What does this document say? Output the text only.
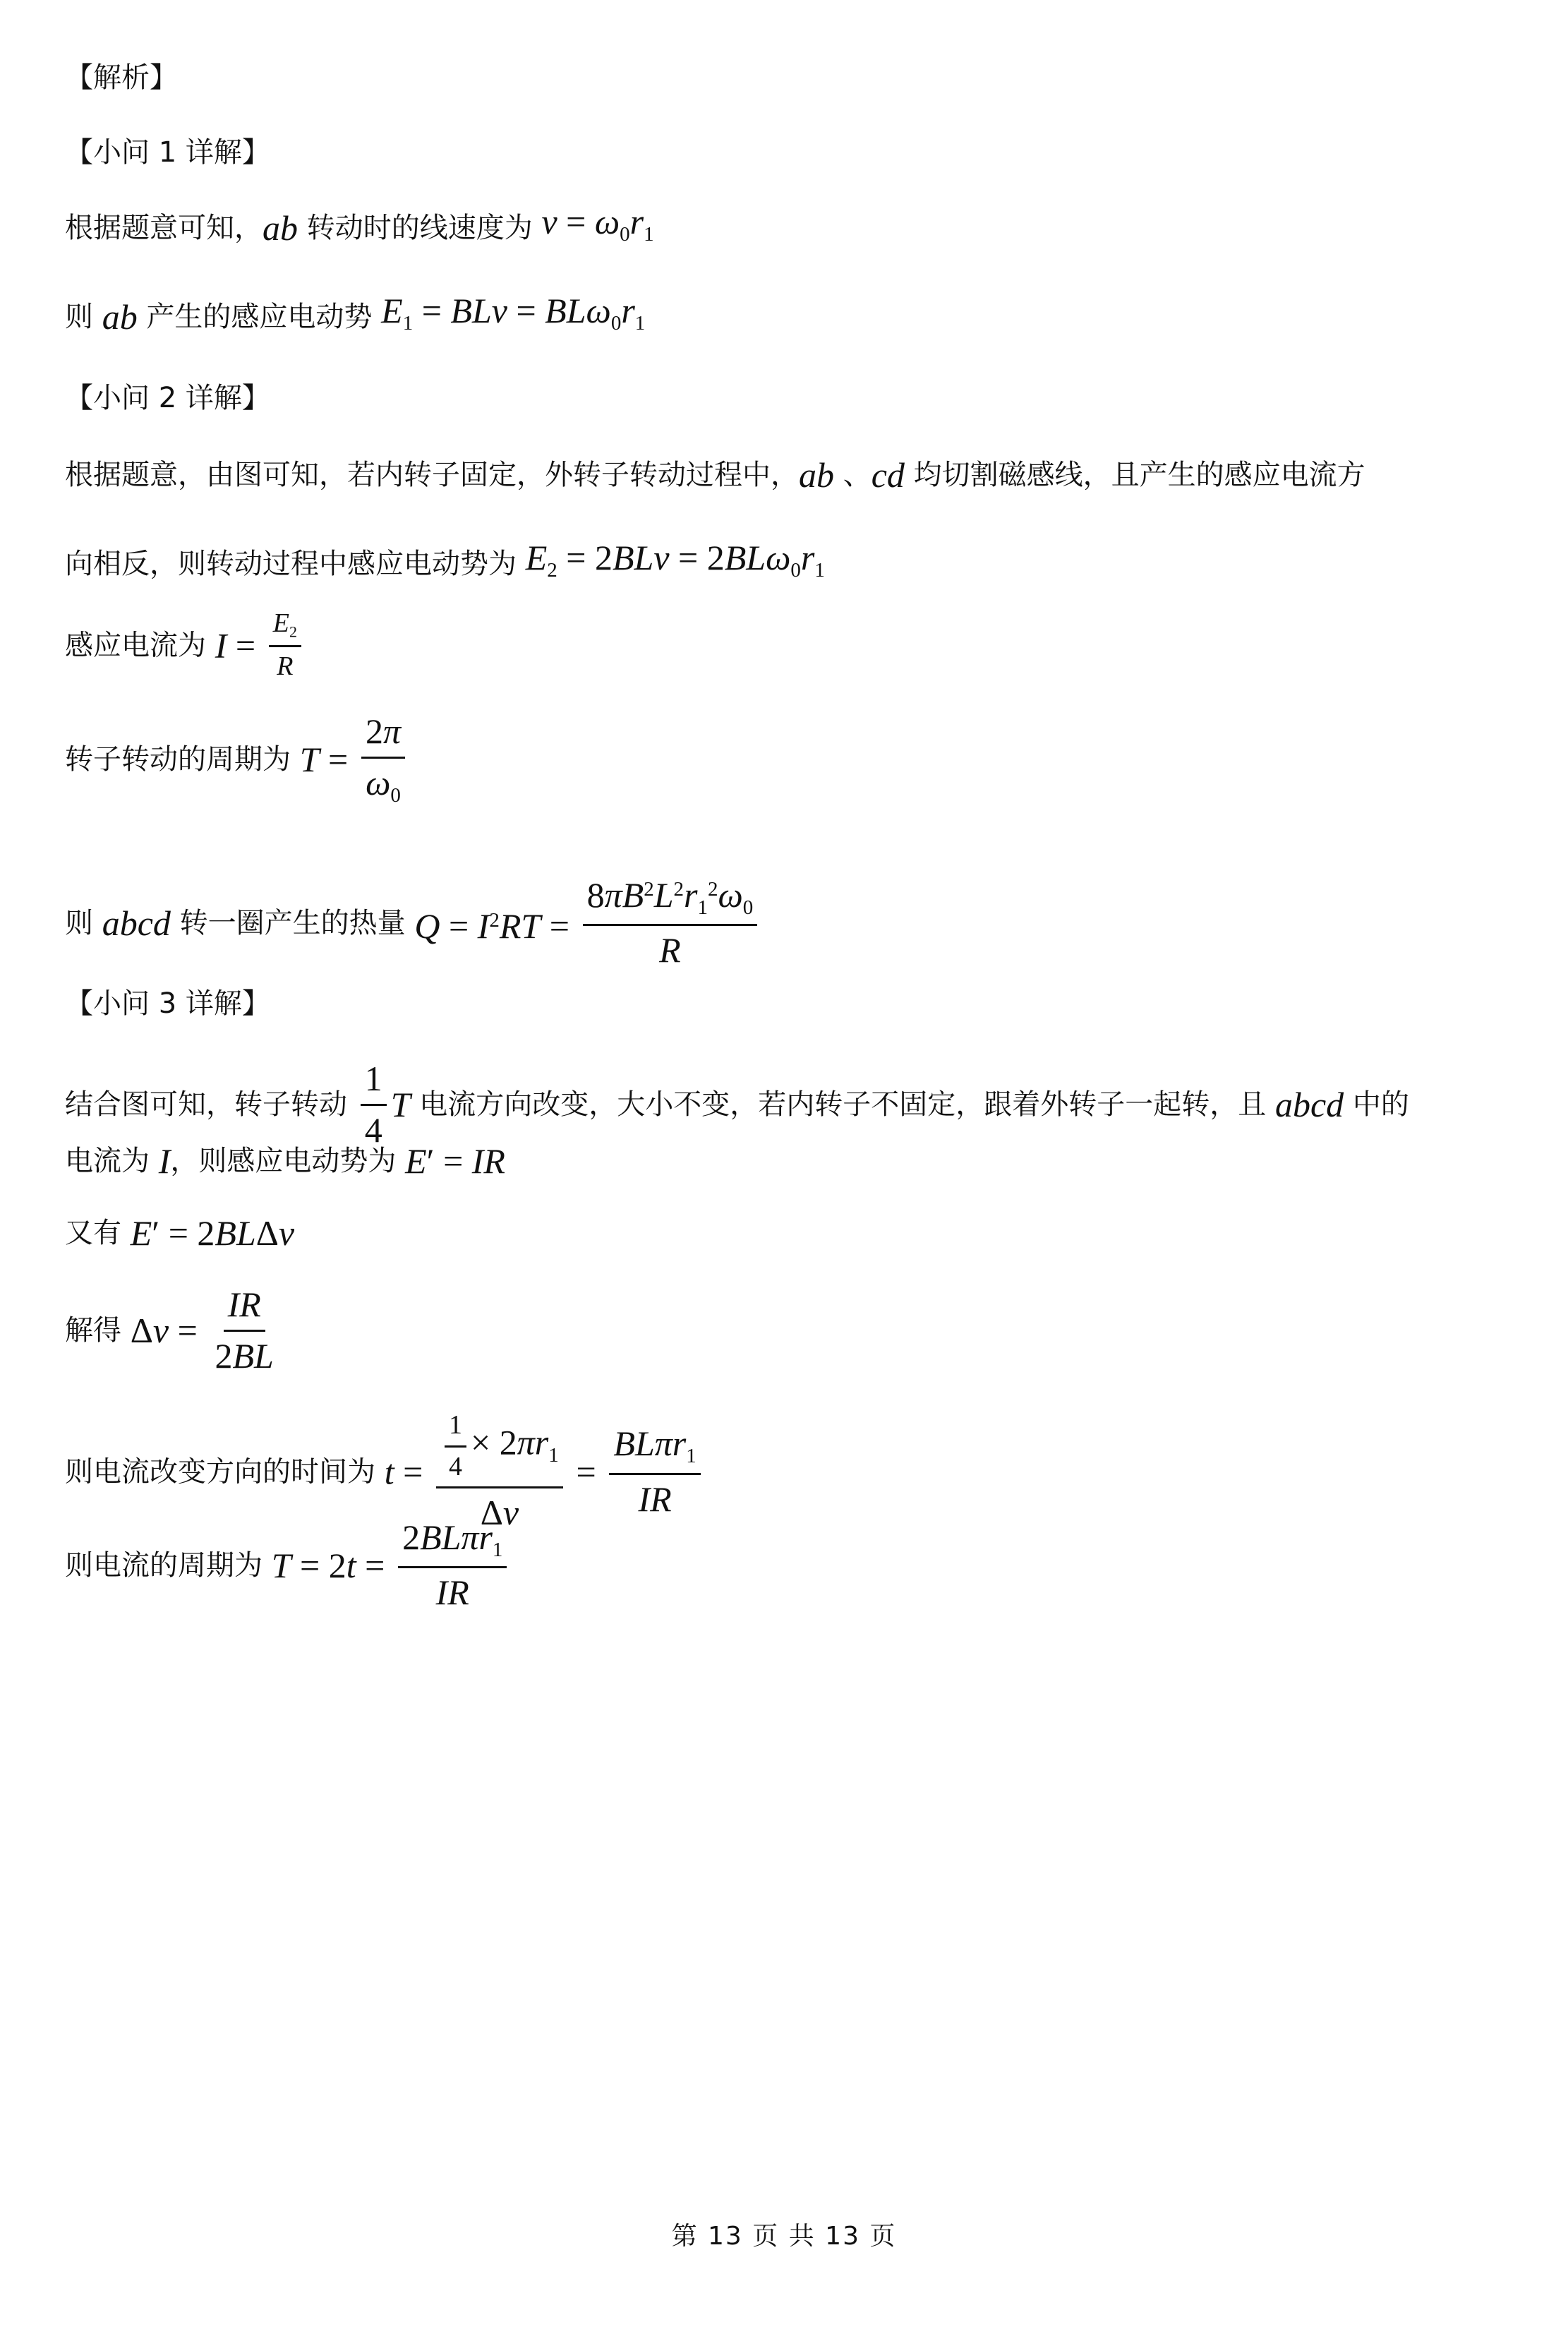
【解析】
【小问 1 详解】
根据题意可知，ab 转动时的线速度为 $v = \omega_0r_1$
则 ab 产生的感应电动势 $E_1$ = BLv = $BL\omega_0r_1$
【小问 2 详解】
根据题意，由图可知，若内转子固定，外转子转动过程中，ab 、cd 均切割磁感线，且产生的感应电流方
向相反，则转动过程中感应电动势为 $E_2 = 2BLv = 2BL\omega_0r_1$
感应电流为 $I = \frac{E_2}{R}$
转子转动的周期为 $T = \frac{2\pi}{\omega_0}$
则 abcd 转一圈产生的热量 $Q = I^2RT = \frac{8\pi B^2L^2r_1^2\omega_0}{R}$
【小问 3 详解】
结合图可知，转子转动 $\frac{1}{4}$ T 电流方向改变，大小不变，若内转子不固定，跟着外转子一起转，且 abcd 中的
电流为 I，则感应电动势为 E′ = IR
又有 E′ = 2BLΔv
解得 $\Delta v = \frac{IR}{2BL}$
则电流改变方向的时间为 $t = \frac{\frac{1}{4} \times 2\pi r_1}{\Delta v} = \frac{BL\pi r_1}{IR}$
则电流的周期为 $T = 2t = \frac{2BL\pi r_1}{IR}$
第 13 页 共 13 页
